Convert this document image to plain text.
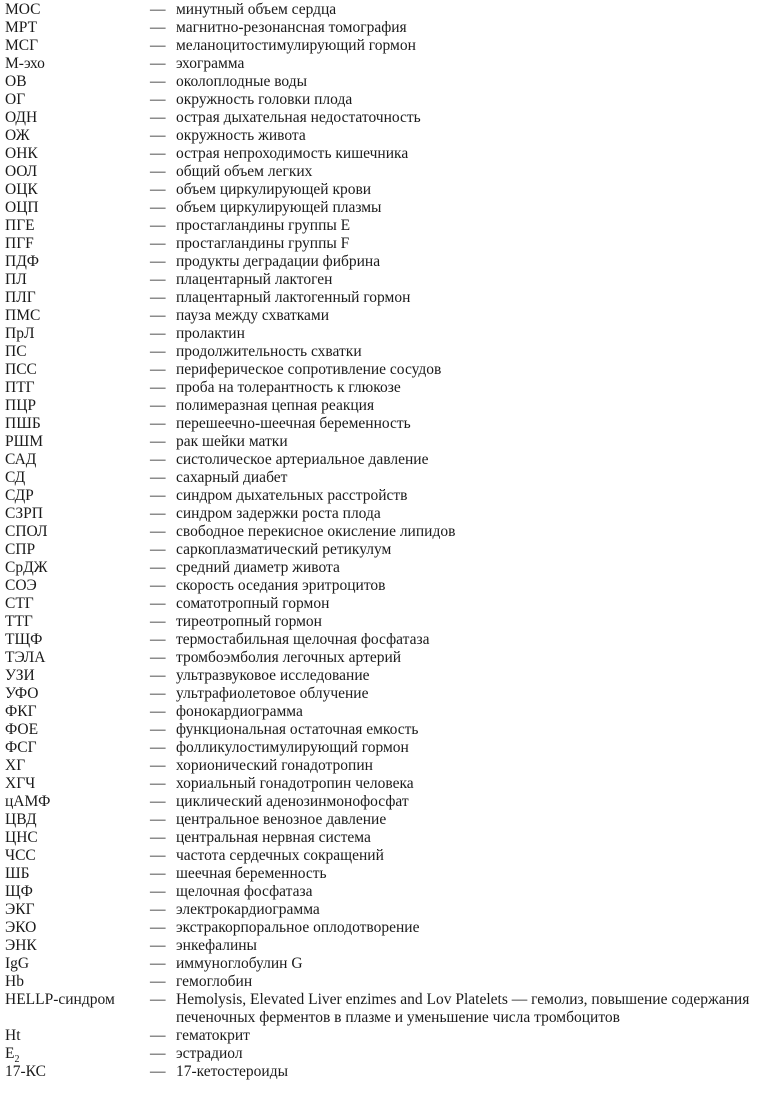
МОС	— минутный объем сердца
МРТ	— магнитно-резонансная томография
МСГ	— меланоцитостимулирующий гормон
М-эхо	— эхограмма
ОВ	— околоплодные воды
ОГ	— окружность головки плода
ОДН	— острая дыхательная недостаточность
ОЖ	— окружность живота
ОНК	— острая непроходимость кишечника
ООЛ	— общий объем легких
ОЦК	— объем циркулирующей крови
ОЦП	— объем циркулирующей плазмы
ПГЕ	— простагландины группы Е
ПГF	— простагландины группы F
ПДФ	— продукты деградации фибрина
ПЛ	— плацентарный лактоген
ПЛГ	— плацентарный лактогенный гормон
ПМС	— пауза между схватками
ПрЛ	— пролактин
ПС	— продолжительность схватки
ПСС	— периферическое сопротивление сосудов
ПТГ	— проба на толерантность к глюкозе
ПЦР	— полимеразная цепная реакция
ПШБ	— перешеечно-шеечная беременность
РШМ	— рак шейки матки
САД	— систолическое артериальное давление
СД	— сахарный диабет
СДР	— синдром дыхательных расстройств
СЗРП	— синдром задержки роста плода
СПОЛ	— свободное перекисное окисление липидов
СПР	— саркоплазматический ретикулум
СрДЖ	— средний диаметр живота
СОЭ	— скорость оседания эритроцитов
СТГ	— соматотропный гормон
ТТГ	— тиреотропный гормон
ТЩФ	— термостабильная щелочная фосфатаза
ТЭЛА	— тромбоэмболия легочных артерий
УЗИ	— ультразвуковое исследование
УФО	— ультрафиолетовое облучение
ФКГ	— фонокардиограмма
ФОЕ	— функциональная остаточная емкость
ФСГ	— фолликулостимулирующий гормон
ХГ	— хорионический гонадотропин
ХГЧ	— хориальный гонадотропин человека
цАМФ	— циклический аденозинмонофосфат
ЦВД	— центральное венозное давление
ЦНС	— центральная нервная система
ЧСС	— частота сердечных сокращений
ШБ	— шеечная беременность
ЩФ	— щелочная фосфатаза
ЭКГ	— электрокардиограмма
ЭКО	— экстракорпоральное оплодотворение
ЭНК	— энкефалины
IgG	— иммуноглобулин G
Hb	— гемоглобин
HELLP-синдром	— Hemolysis, Elevated Liver enzimes and Lov Platelets — гемолиз, повышение содержания печеночных ферментов в плазме и уменьшение числа тромбоцитов
Ht	— гематокрит
$E_2$	— эстрадиол
17-КС	— 17-кетостероиды
